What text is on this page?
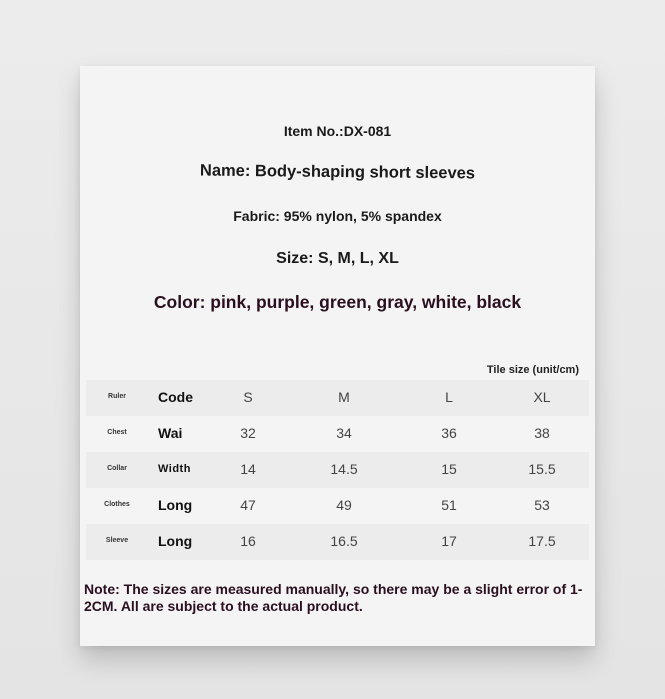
Item No.:DX-081
Name: Body-shaping short sleeves
Fabric: 95% nylon, 5% spandex
Size: S, M, L, XL
Color: pink, purple, green, gray, white, black
Tile size (unit/cm)
Ruler	Code	S	M	L	XL
Chest	Wai	32	34	36	38
Collar	Width	14	14.5	15	15.5
Clothes	Long	47	49	51	53
Sleeve	Long	16	16.5	17	17.5
Note: The sizes are measured manually, so there may be a slight error of 1-2CM. All are subject to the actual product.
